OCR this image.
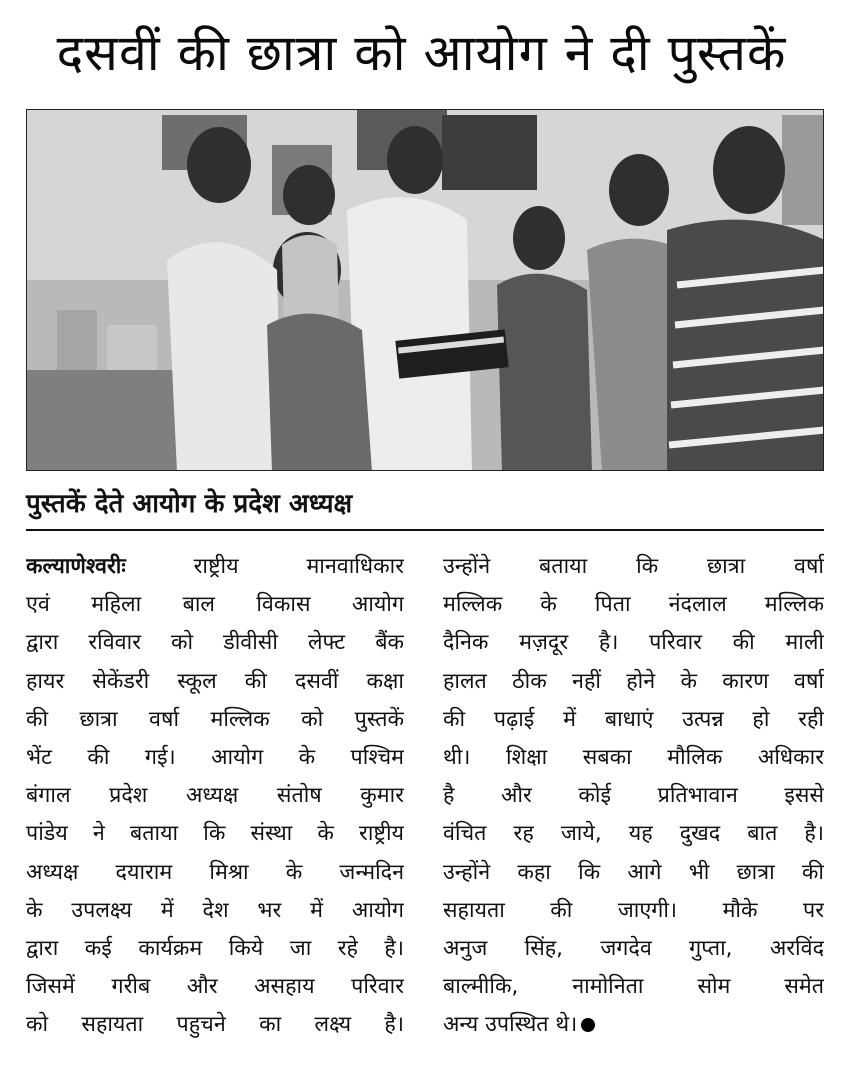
दसवीं की छात्रा को आयोग ने दी पुस्तकें
पुस्तकें देते आयोग के प्रदेश अध्यक्ष
कल्याणेश्वरीः	राष्ट्रीय मानवाधिकार
एवं महिला बाल विकास आयोग
द्वारा रविवार को डीवीसी लेफ्ट बैंक
हायर सेकेंडरी स्कूल की दसवीं कक्षा
की छात्रा वर्षा मल्लिक को पुस्तकें
भेंट की गई। आयोग के पश्चिम
बंगाल प्रदेश अध्यक्ष संतोष कुमार
पांडेय ने बताया कि संस्था के राष्ट्रीय
अध्यक्ष दयाराम मिश्रा के जन्मदिन
के उपलक्ष्य में देश भर में आयोग
द्वारा कई कार्यक्रम किये जा रहे है।
जिसमें गरीब और असहाय परिवार
को सहायता पहुचने का लक्ष्य है।
उन्होंने बताया कि छात्रा वर्षा
मल्लिक के पिता नंदलाल मल्लिक
दैनिक मज़दूर है। परिवार की माली
हालत ठीक नहीं होने के कारण वर्षा
की पढ़ाई में बाधाएं उत्पन्न हो रही
थी। शिक्षा सबका मौलिक अधिकार
है और कोई प्रतिभावान इससे
वंचित रह जाये, यह दुखद बात है।
उन्होंने कहा कि आगे भी छात्रा की
सहायता की जाएगी। मौके पर
अनुज सिंह, जगदेव गुप्ता, अरविंद
बाल्मीकि, नामोनिता सोम समेत
अन्य उपस्थित थे।
